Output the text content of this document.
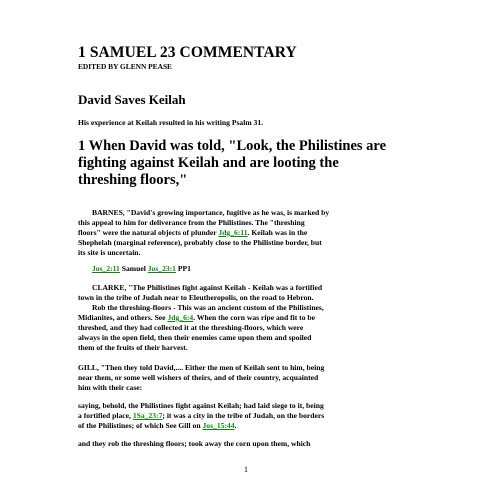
1 SAMUEL 23 COMMENTARY
EDITED BY GLENN PEASE
David Saves Keilah
His experience at Keilah resulted in his writing Psalm 31.
1 When David was told, "Look, the Philistines are
fighting against Keilah and are looting the
threshing floors,"
BARNES, "David's growing importance, fugitive as he was, is marked by
this appeal to him for deliverance from the Philistines. The "threshing
floors" were the natural objects of plunder Jdg_6:11. Keilah was in the
Shephelah (marginal reference), probably close to the Philistine border, but
its site is uncertain.
Jos_2:11 Samuel Jos_23:1 PP1
CLARKE, "The Philistines fight against Keilah - Keilah was a fortified
town in the tribe of Judah near to Eleutheropolis, on the road to Hebron.
Rob the threshing-floors - This was an ancient custom of the Philistines,
Midianites, and others. See Jdg_6:4. When the corn was ripe and fit to be
threshed, and they had collected it at the threshing-floors, which were
always in the open field, then their enemies came upon them and spoiled
them of the fruits of their harvest.
GILL, "Then they told David,.... Either the men of Keilah sent to him, being
near them, or some well wishers of theirs, and of their country, acquainted
him with their case:
saying, behold, the Philistines fight against Keilah; had laid siege to it, being
a fortified place, 1Sa_23:7; it was a city in the tribe of Judah, on the borders
of the Philistines; of which See Gill on Jos_15:44.
and they rob the threshing floors; took away the corn upon them, which
1
